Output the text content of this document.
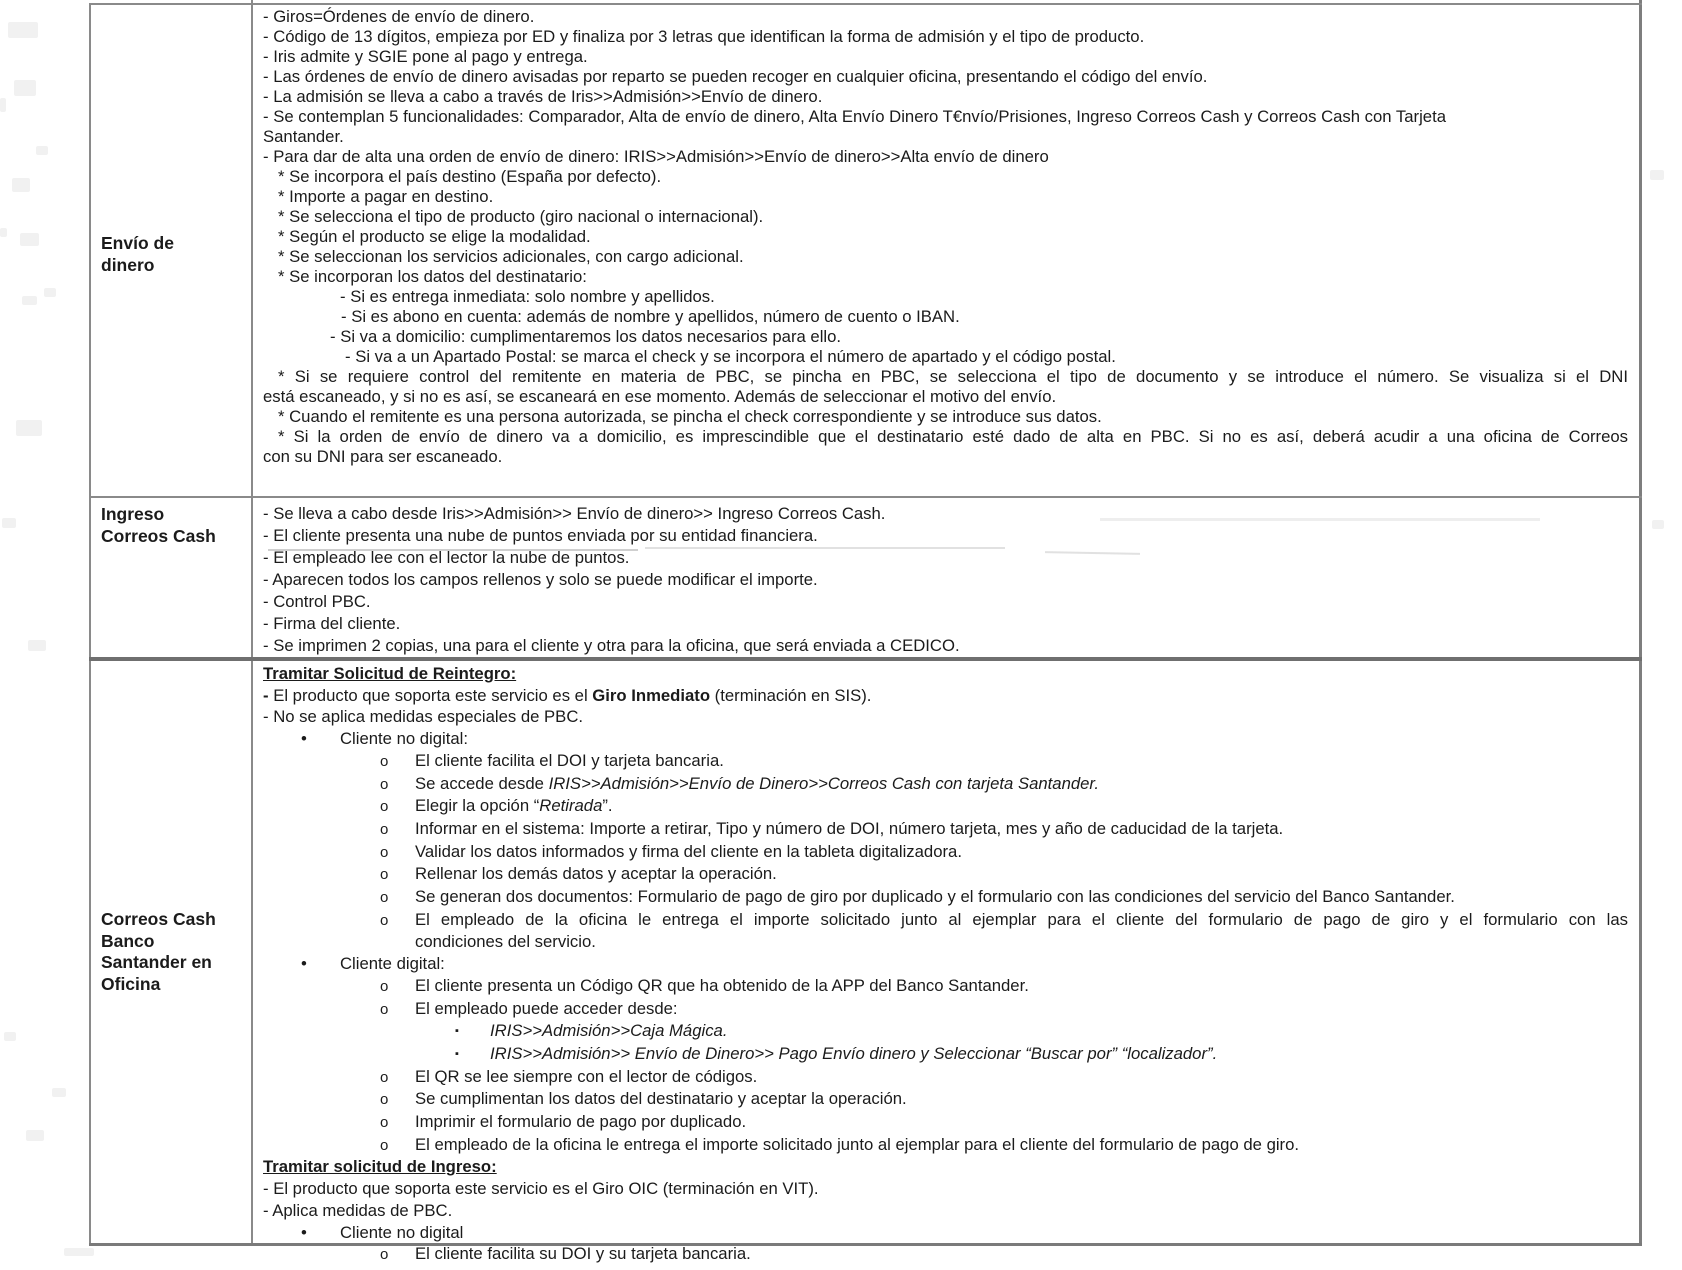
Envío de
dinero
Ingreso
Correos Cash
Correos Cash
Banco
Santander en
Oficina
- Giros=Órdenes de envío de dinero.
- Código de 13 dígitos, empieza por ED y finaliza por 3 letras que identifican la forma de admisión y el tipo de producto.
- Iris admite y SGIE pone al pago y entrega.
- Las órdenes de envío de dinero avisadas por reparto se pueden recoger en cualquier oficina, presentando el código del envío.
- La admisión se lleva a cabo a través de Iris>>Admisión>>Envío de dinero.
- Se contemplan 5 funcionalidades: Comparador, Alta de envío de dinero, Alta Envío Dinero T€nvío/Prisiones, Ingreso Correos Cash y Correos Cash con Tarjeta
Santander.
- Para dar de alta una orden de envío de dinero: IRIS>>Admisión>>Envío de dinero>>Alta envío de dinero
* Se incorpora el país destino (España por defecto).
* Importe a pagar en destino.
* Se selecciona el tipo de producto (giro nacional o internacional).
* Según el producto se elige la modalidad.
* Se seleccionan los servicios adicionales, con cargo adicional.
* Se incorporan los datos del destinatario:
- Si es entrega inmediata: solo nombre y apellidos.
- Si es abono en cuenta: además de nombre y apellidos, número de cuento o IBAN.
- Si va a domicilio: cumplimentaremos los datos necesarios para ello.
- Si va a un Apartado Postal: se marca el check y se incorpora el número de apartado y el código postal.
* Si se requiere control del remitente en materia de PBC, se pincha en PBC, se selecciona el tipo de documento y se introduce el número. Se visualiza si el DNI
está escaneado, y si no es así, se escaneará en ese momento. Además de seleccionar el motivo del envío.
* Cuando el remitente es una persona autorizada, se pincha el check correspondiente y se introduce sus datos.
* Si la orden de envío de dinero va a domicilio, es imprescindible que el destinatario esté dado de alta en PBC. Si no es así, deberá acudir a una oficina de Correos
con su DNI para ser escaneado.
- Se lleva a cabo desde Iris>>Admisión>> Envío de dinero>> Ingreso Correos Cash.
- El cliente presenta una nube de puntos enviada por su entidad financiera.
- El empleado lee con el lector la nube de puntos.
- Aparecen todos los campos rellenos y solo se puede modificar el importe.
- Control PBC.
- Firma del cliente.
- Se imprimen 2 copias, una para el cliente y otra para la oficina, que será enviada a CEDICO.
Tramitar Solicitud de Reintegro:
- El producto que soporta este servicio es el Giro Inmediato (terminación en SIS).
- No se aplica medidas especiales de PBC.
• Cliente no digital:
o El cliente facilita el DOI y tarjeta bancaria.
o Se accede desde IRIS>>Admisión>>Envío de Dinero>>Correos Cash con tarjeta Santander.
o Elegir la opción “Retirada”.
o Informar en el sistema: Importe a retirar, Tipo y número de DOI, número tarjeta, mes y año de caducidad de la tarjeta.
o Validar los datos informados y firma del cliente en la tableta digitalizadora.
o Rellenar los demás datos y aceptar la operación.
o Se generan dos documentos: Formulario de pago de giro por duplicado y el formulario con las condiciones del servicio del Banco Santander.
o El empleado de la oficina le entrega el importe solicitado junto al ejemplar para el cliente del formulario de pago de giro y el formulario con las
condiciones del servicio.
• Cliente digital:
o El cliente presenta un Código QR que ha obtenido de la APP del Banco Santander.
o El empleado puede acceder desde:
▪ IRIS>>Admisión>>Caja Mágica.
▪ IRIS>>Admisión>> Envío de Dinero>> Pago Envío dinero y Seleccionar “Buscar por” “localizador”.
o El QR se lee siempre con el lector de códigos.
o Se cumplimentan los datos del destinatario y aceptar la operación.
o Imprimir el formulario de pago por duplicado.
o El empleado de la oficina le entrega el importe solicitado junto al ejemplar para el cliente del formulario de pago de giro.
Tramitar solicitud de Ingreso:
- El producto que soporta este servicio es el Giro OIC (terminación en VIT).
- Aplica medidas de PBC.
• Cliente no digital
o El cliente facilita su DOI y su tarjeta bancaria.
